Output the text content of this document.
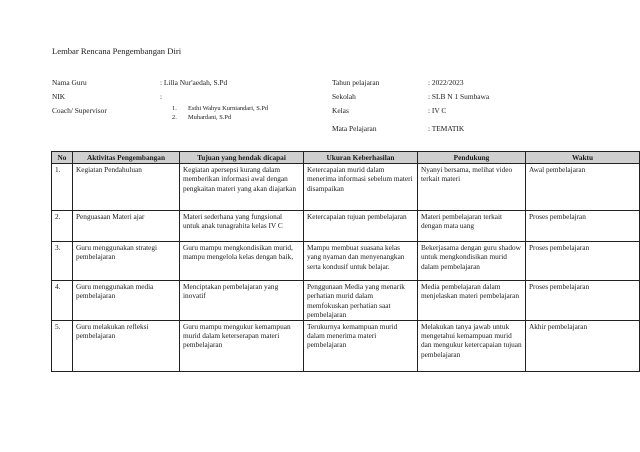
Lembar Rencana Pengembangan Diri
Nama Guru	: Lilla Nur'aedah, S.Pd
NIK	:
Coach/ Supervisor	1.	Esthi Wahyu Kurniandari, S.Pd
2.	Muhardani, S.Pd
Tahun pelajaran	: 2022/2023
Sekolah	: SLB N 1 Sumbawa
Kelas	: IV C
Mata Pelajaran	: TEMATIK
No	Aktivitas Pengembangan	Tujuan yang hendak dicapai	Ukuran Keberhasilan	Pendukung	Waktu
1.	Kegiatan Pendahuluan	Kegiatan apersepsi kurang dalam memberikan informasi awal dengan pengkaitan materi yang akan diajarkan	Ketercapaian murid dalam menerima informasi sebelum materi disampaikan	Nyanyi bersama, melihat video terkait materi	Awal pembelajaran
2.	Penguasaan Materi ajar	Materi sederhana yang fungsional untuk anak tunagrahita kelas IV C	Ketercapaian tujuan pembelajaran	Materi pembelajaran terkait dengan mata uang	Proses pembelajran
3.	Guru menggunakan strategi pembelajaran	Guru mampu mengkondisikan murid, mampu mengelola kelas dengan baik,	Mampu membuat suasana kelas yang nyaman dan menyenangkan serta kondusif untuk belajar.	Bekerjasama dengan guru shadow untuk mengkondisikan murid dalam pembelajaran	Proses pembelajaran
4.	Guru menggunakan media pembelajaran	Menciptakan pembelajaran yang inovatif	Penggunaan Media yang menarik perhatian murid dalam memfokuskan perhatian saat pembelajaran	Media pembelajaran dalam menjelaskan materi pembelajaran	Proses pembelajaran
5.	Guru melakukan refleksi pembelajaran	Guru mampu mengukur kemampuan murid dalam keterserapan materi pembelajaran	Terukurnya kemampuan murid dalam menerima materi pembelajaran	Melakukan tanya jawab untuk mengetahui kemampuan murid dan mengukur ketercapaian tujuan pembelajaran	Akhir pembelajaran
